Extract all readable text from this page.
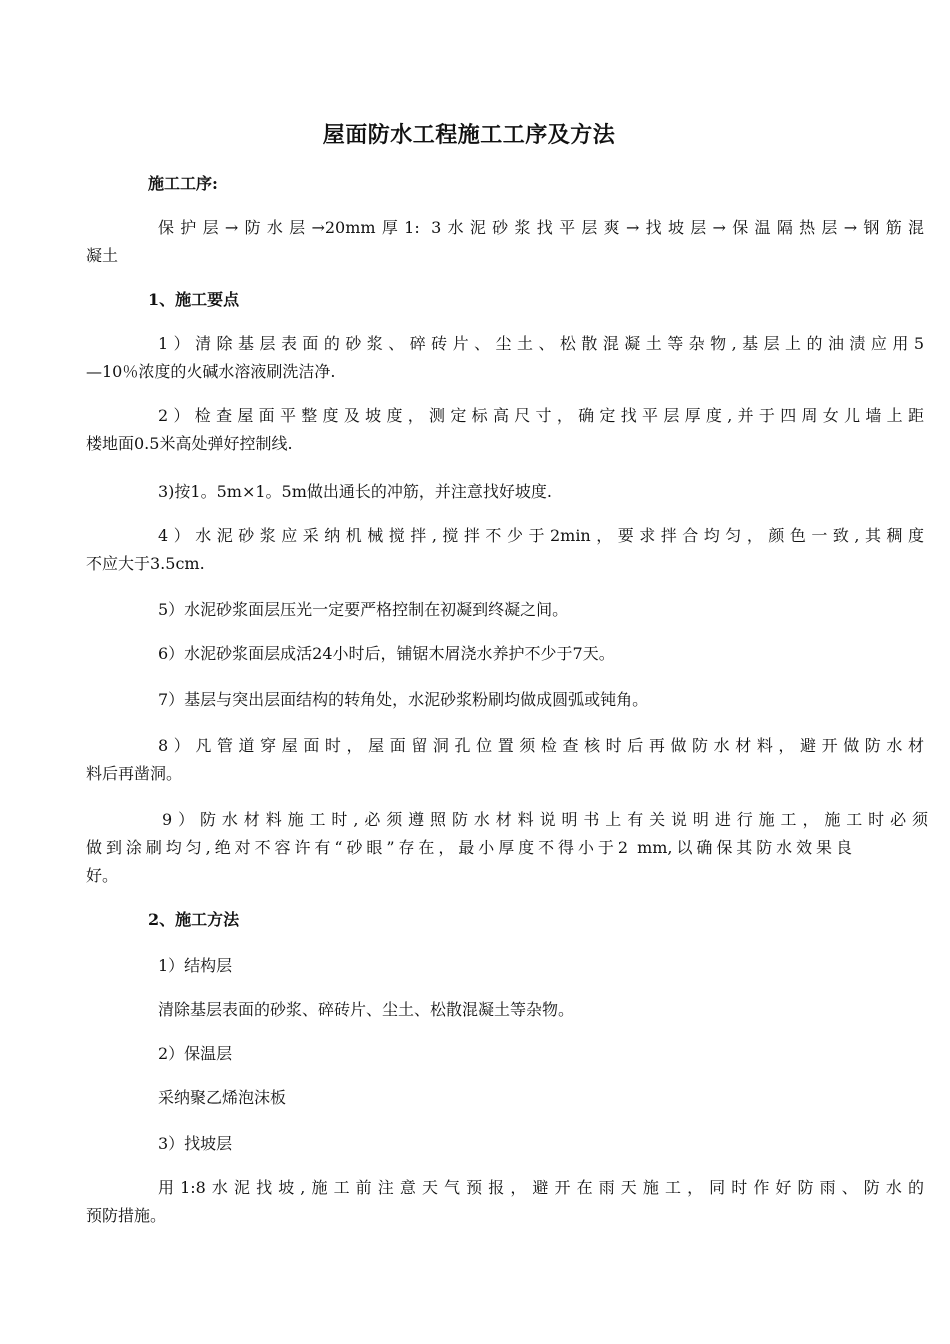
屋面防水工程施工工序及方法
施工工序:
保护层→防水层→20mm厚1: 3水泥砂浆找平层爽→找坡层→保温隔热层→钢筋混
凝土
1、施工要点
1）清除基层表面的砂浆、碎砖片、尘土、松散混凝土等杂物,基层上的油渍应用5
—10％浓度的火碱水溶液刷洗洁净.
2）检查屋面平整度及坡度，测定标高尺寸，确定找平层厚度,并于四周女儿墙上距
楼地面0.5米高处弹好控制线.
3)按1。5m×1。5m做出通长的冲筋，并注意找好坡度.
4）水泥砂浆应采纳机械搅拌,搅拌不少于2min，要求拌合均匀，颜色一致,其稠度
不应大于3.5cm.
5）水泥砂浆面层压光一定要严格控制在初凝到终凝之间。
6）水泥砂浆面层成活24小时后，铺锯木屑浇水养护不少于7天。
7）基层与突出层面结构的转角处，水泥砂浆粉刷均做成圆弧或钝角。
8）凡管道穿屋面时，屋面留洞孔位置须检查核时后再做防水材料，避开做防水材
料后再凿洞。
9）防水材料施工时,必须遵照防水材料说明书上有关说明进行施工，施工时必须
做到涂刷均匀,绝对不容许有“砂眼”存在，最小厚度不得小于2 mm,以确保其防水效果良
好。
2、施工方法
1）结构层
清除基层表面的砂浆、碎砖片、尘土、松散混凝土等杂物。
2）保温层
采纳聚乙烯泡沫板
3）找坡层
用1:8水泥找坡,施工前注意天气预报，避开在雨天施工，同时作好防雨、防水的
预防措施。
